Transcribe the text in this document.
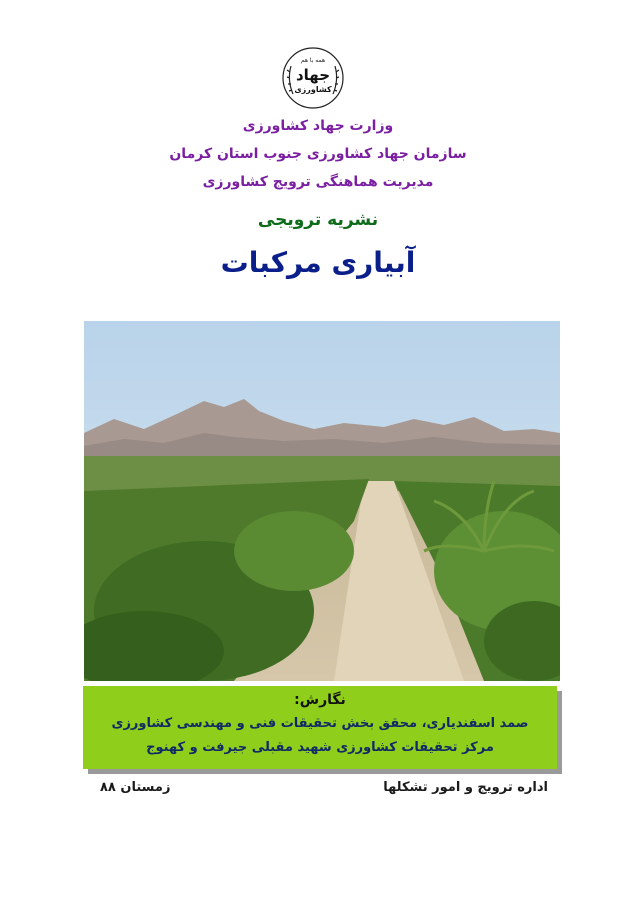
همه با هم
جهاد
کشاورزی
وزارت جهاد کشاورزی
سازمان جهاد کشاورزی جنوب استان کرمان
مدیریت هماهنگی ترویج کشاورزی
نشریه ترویجی
آبیاری مرکبات
نگارش:
صمد اسفندیاری، محقق بخش تحقیقات فنی و مهندسی کشاورزی
مرکز تحقیقات کشاورزی شهید مقبلی جیرفت و کهنوج
اداره ترویج و امور تشکلها
زمستان ۸۸
